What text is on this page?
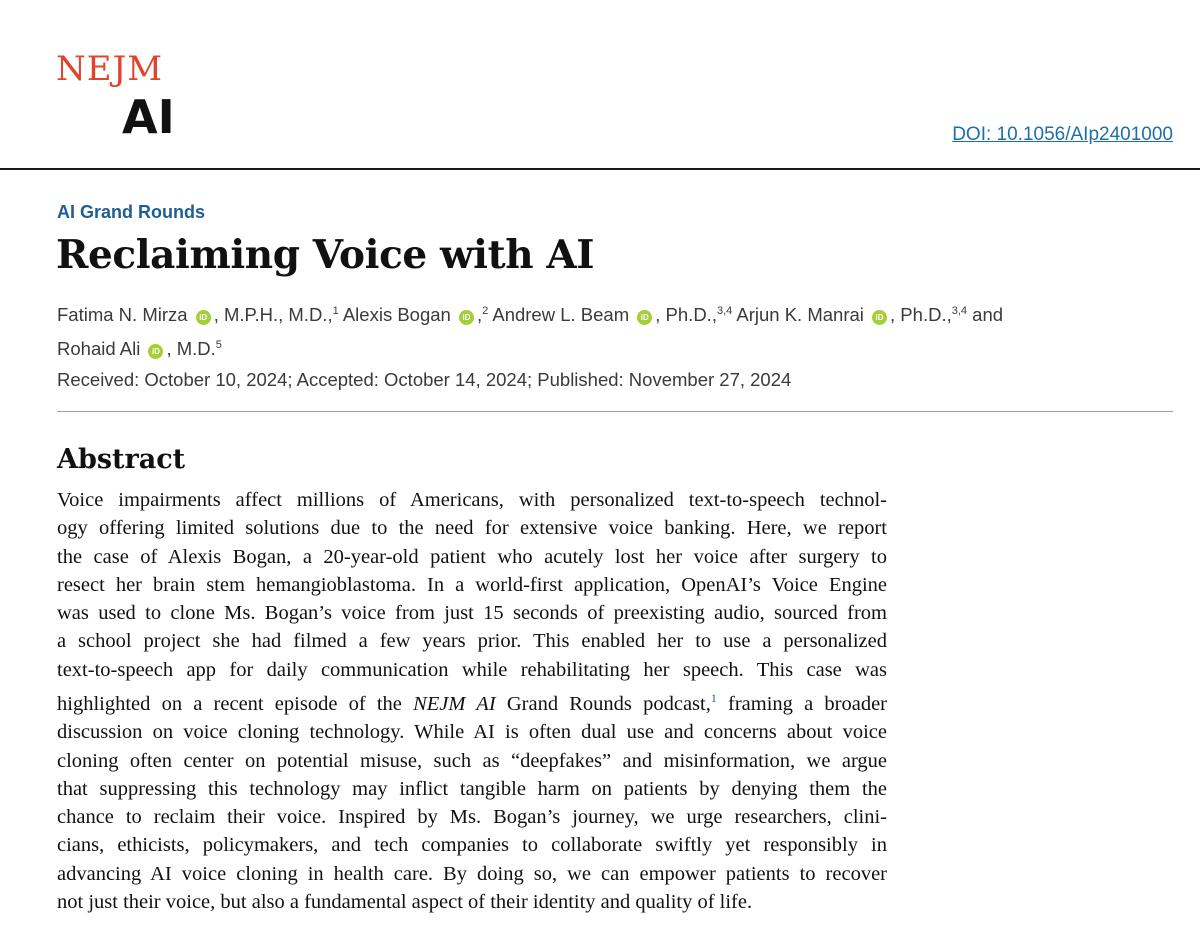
NEJM
AI	DOI: 10.1056/AIp2401000
AI Grand Rounds
Reclaiming Voice with AI
Fatima N. Mirza iD , M.P.H., M.D.,$^1$ Alexis Bogan iD ,$^2$ Andrew L. Beam iD , Ph.D.,$^{3,4}$ Arjun K. Manrai iD , Ph.D.,$^{3,4}$ and
Rohaid Ali iD , M.D.$^5$
Received: October 10, 2024; Accepted: October 14, 2024; Published: November 27, 2024
Abstract
Voice impairments affect millions of Americans, with personalized text-to-speech technol-
ogy offering limited solutions due to the need for extensive voice banking. Here, we report
the case of Alexis Bogan, a 20-year-old patient who acutely lost her voice after surgery to
resect her brain stem hemangioblastoma. In a world-first application, OpenAI’s Voice Engine
was used to clone Ms. Bogan’s voice from just 15 seconds of preexisting audio, sourced from
a school project she had filmed a few years prior. This enabled her to use a personalized
text-to-speech app for daily communication while rehabilitating her speech. This case was
highlighted on a recent episode of the NEJM AI Grand Rounds podcast,$^1$ framing a broader
discussion on voice cloning technology. While AI is often dual use and concerns about voice
cloning often center on potential misuse, such as “deepfakes” and misinformation, we argue
that suppressing this technology may inflict tangible harm on patients by denying them the
chance to reclaim their voice. Inspired by Ms. Bogan’s journey, we urge researchers, clini-
cians, ethicists, policymakers, and tech companies to collaborate swiftly yet responsibly in
advancing AI voice cloning in health care. By doing so, we can empower patients to recover
not just their voice, but also a fundamental aspect of their identity and quality of life.
